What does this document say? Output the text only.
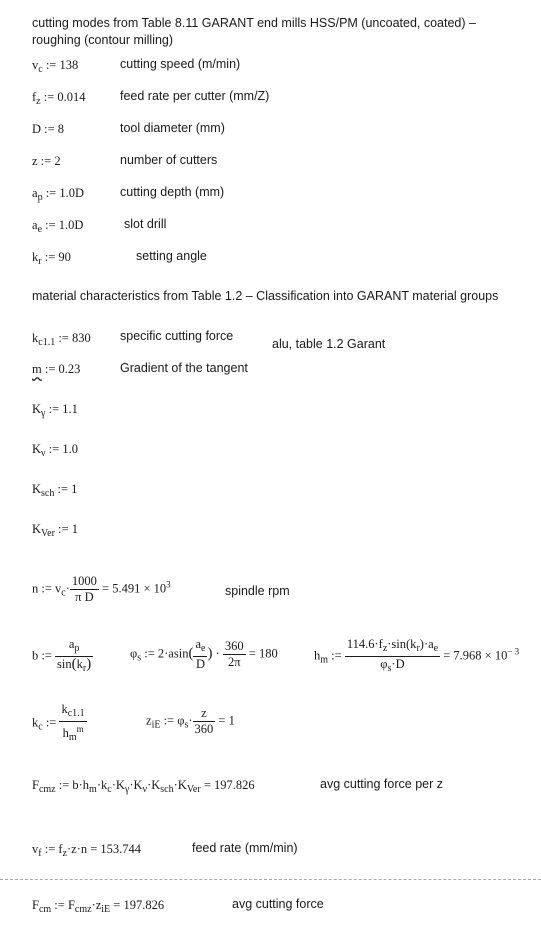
cutting modes from Table 8.11 GARANT end mills HSS/PM (uncoated, coated) –
roughing (contour milling)
$v_c$ := 138	cutting speed (m/min)
$f_z$ := 0.014	feed rate per cutter (mm/Z)
D := 8	tool diameter (mm)
z := 2	number of cutters
$a_p$ := 1.0D	cutting depth (mm)
$a_e$ := 1.0D	slot drill
$k_r$ := 90	setting angle
material characteristics from Table 1.2 – Classification into GARANT material groups
$k_{c1.1}$ := 830 specific cutting force
alu, table 1.2 Garant
m := 0.23	Gradient of the tangent
$K_\gamma$ := 1.1
$K_\nu$ := 1.0
$K_{sch}$ := 1
$K_{Ver}$ := 1
n := $v_c\cdot \frac{1000}{\text{π D}} = 5.491 \times 10^3$	spindle rpm
b := $\frac{a_p}{\sin(k_r)}$	$\varphi_s$ := $2\cdot asin( \frac{a_e}{D}$ ) · $\frac{360}{2\pi} = 180$	$h_m$ := $\frac{114.6\cdot f_z\cdot\sin(k_r)\cdot a_e}{\varphi_s\cdot D} = 7.968 \times 10^{- 3}$
$k_c$ := $\frac{k_{c1.1}}{h_m^m}$	$z_{iE}$ := $\varphi_s\cdot \frac{z}{360} = 1$
$F_{cmz}$ := $b\cdot h_m\cdot k_c\cdot K_\gamma\cdot K_\nu\cdot K_{sch}\cdot K_{Ver} = 197.826$	avg cutting force per z
$v_f$ := $f_z\cdot z\cdot n = 153.744$	feed rate (mm/min)
$F_{cm}$ := $F_{cmz}\cdot z_{iE} = 197.826$	avg cutting force
